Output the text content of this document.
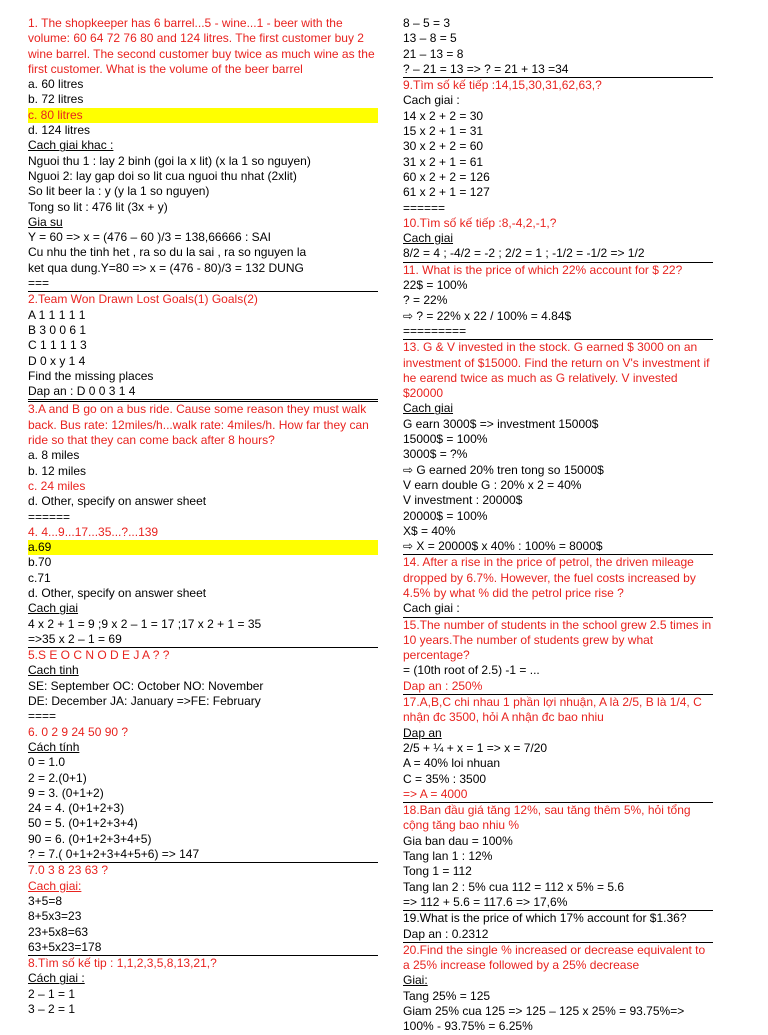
1. The shopkeeper has 6 barrel...5 - wine...1 - beer with the volume: 60 64 72 76 80 and 124 litres. The first customer buy 2 wine barrel. The second customer buy twice as much wine as the first customer. What is the volume of the beer barrel
a. 60 litres
b. 72 litres
c. 80 litres
d. 124 litres
Cach giai khac :
Nguoi thu 1 : lay 2 binh (goi la x lit) (x la 1 so nguyen)
Nguoi 2: lay gap doi so lit cua nguoi thu nhat (2xlit)
So lit beer la : y (y la 1 so nguyen)
Tong so lit : 476 lit (3x + y)
Gia su
Y = 60 => x = (476 – 60 )/3 = 138,66666 : SAI
Cu nhu the tinh het , ra so du la sai , ra so nguyen la
ket qua dung.Y=80 => x = (476 - 80)/3 = 132 DUNG
===
2.Team Won Drawn Lost Goals(1) Goals(2)
A 1 1 1 1 1
B 3 0 0 6 1
C 1 1 1 1 3
D 0 x y 1 4
Find the missing places
Dap an : D 0 0 3 1 4
3.A and B go on a bus ride. Cause some reason they must walk back. Bus rate: 12miles/h...walk rate: 4miles/h. How far they can ride so that they can come back after 8 hours?
a. 8 miles
b. 12 miles
c. 24 miles
d. Other, specify on answer sheet
======
4. 4...9...17...35...?...139
a.69
b.70
c.71
d. Other, specify on answer sheet
Cach giai
4 x 2 + 1 = 9 ;9 x 2 – 1 = 17 ;17 x 2 + 1 = 35
=>35 x 2 – 1 = 69
5.S E O C N O D E J A ? ?
Cach tinh
SE: September OC: October NO: November
DE: December JA: January =>FE: February
====
6. 0 2 9 24 50 90 ?
Cách tính
0 = 1.0
2 = 2.(0+1)
9 = 3. (0+1+2)
24 = 4. (0+1+2+3)
50 = 5. (0+1+2+3+4)
90 = 6. (0+1+2+3+4+5)
? = 7.( 0+1+2+3+4+5+6) => 147
7.0 3 8 23 63 ?
Cach giai:
3+5=8
8+5x3=23
23+5x8=63
63+5x23=178
8.Tìm số kế tip : 1,1,2,3,5,8,13,21,?
Cách giai :
2 – 1 = 1
3 – 2 = 1
8 – 5 = 3
13 – 8 = 5
21 – 13 = 8
? – 21 = 13 => ? = 21 + 13 =34
9.Tìm số kế tiếp :14,15,30,31,62,63,?
Cach giai :
14 x 2 + 2 = 30
15 x 2 + 1 = 31
30 x 2 + 2 = 60
31 x 2 + 1 = 61
60 x 2 + 2 = 126
61 x 2 + 1 = 127
======
10.Tìm số kế tiếp :8,-4,2,-1,?
Cach giai
8/2 = 4 ; -4/2 = -2 ; 2/2 = 1 ; -1/2 = -1/2 => 1/2
11. What is the price of which 22% account for $ 22?
22$ = 100%
? = 22%
⇨ ? = 22% x 22 / 100% = 4.84$
=========
13. G & V invested in the stock. G earned $ 3000 on an investment of $15000. Find the return on V's investment if he earend twice as much as G relatively. V invested $20000
Cach giai
G earn 3000$ => investment 15000$
15000$ = 100%
3000$ = ?%
⇨ G earned 20% tren tong so 15000$
V earn double G : 20% x 2 = 40%
V investment : 20000$
20000$ = 100%
X$ = 40%
⇨ X = 20000$ x 40% : 100% = 8000$
14. After a rise in the price of petrol, the driven mileage dropped by 6.7%. However, the fuel costs increased by 4.5% by what % did the petrol price rise ?
Cach giai :
15.The number of students in the school grew 2.5 times in 10 years.The number of students grew by what percentage?
= (10th root of 2.5) -1 = ...
Dap an : 250%
17.A,B,C chi nhau 1 phần lợi nhuận, A là 2/5, B là 1/4, C nhận đc 3500, hỏi A nhận đc bao nhiu
Dap an
2/5 + ¼ + x = 1 => x = 7/20
A = 40% loi nhuan
C = 35% : 3500
=> A = 4000
18.Ban đầu giá tăng 12%, sau tăng thêm 5%, hỏi tổng cộng tăng bao nhiu %
Gia ban dau = 100%
Tang lan 1 : 12%
Tong 1 = 112
Tang lan 2 : 5% cua 112 = 112 x 5% = 5.6
=> 112 + 5.6 = 117.6 => 17,6%
19.What is the price of which 17% account for $1.36?
Dap an : 0.2312
20.Find the single % increased or decrease equivalent to a 25% increase followed by a 25% decrease
Giai:
Tang 25% = 125
Giam 25% cua 125 => 125 – 125 x 25% = 93.75%=>
100% - 93.75% = 6.25%
